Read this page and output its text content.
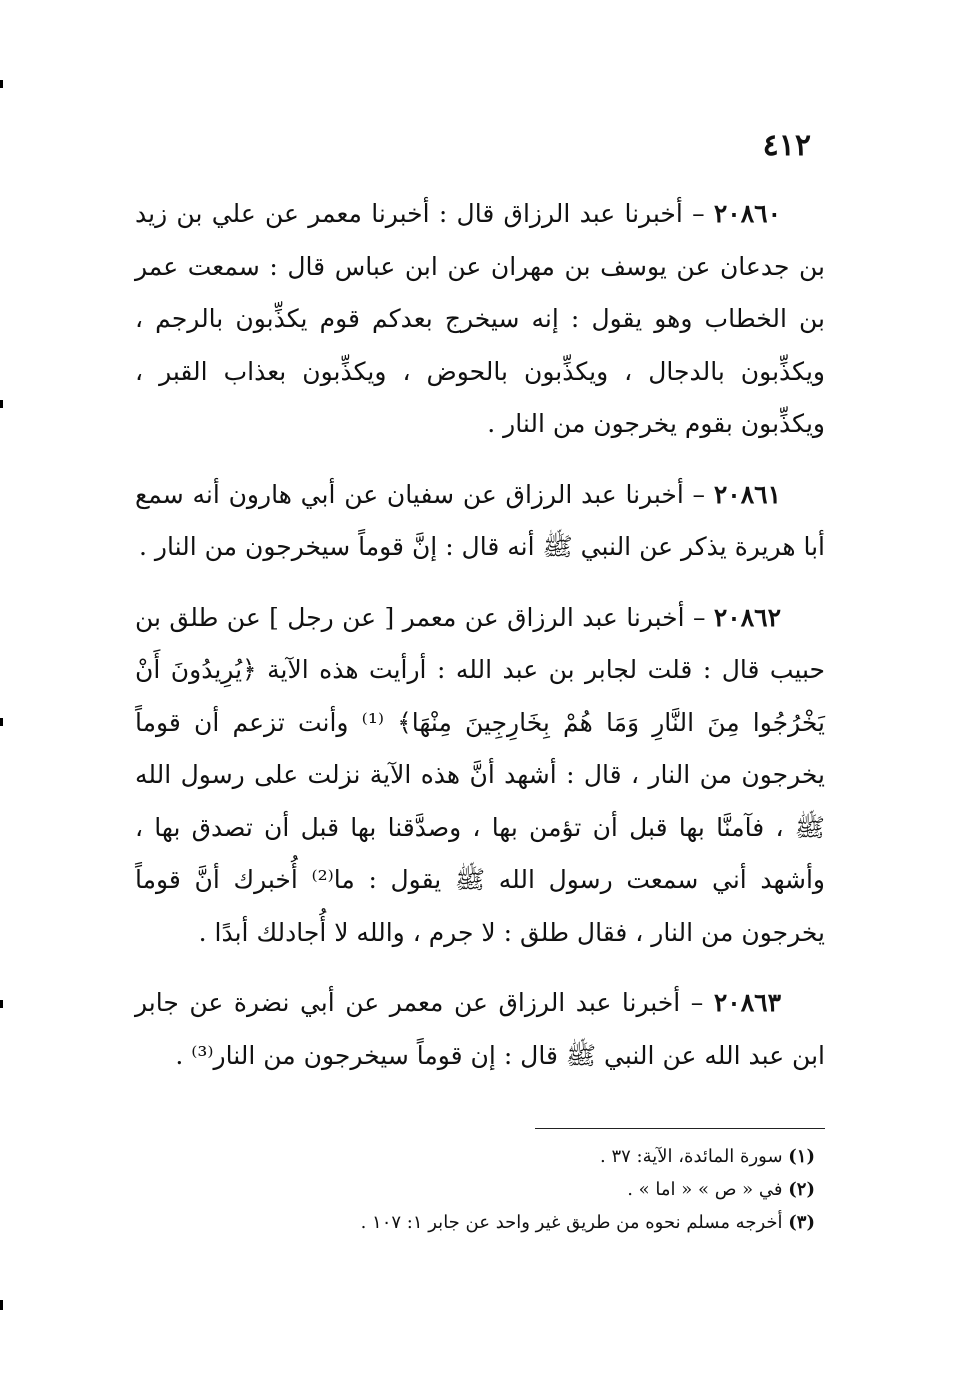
٤١٢

٢٠٨٦٠ – أخبرنا عبد الرزاق قال : أخبرنا معمر عن علي بن زيد بن جدعان عن يوسف بن مهران عن ابن عباس قال : سمعت عمر بن الخطاب وهو يقول : إنه سيخرج بعدكم قوم يكذِّبون بالرجم ، ويكذِّبون بالدجال ، ويكذِّبون بالحوض ، ويكذِّبون بعذاب القبر ، ويكذِّبون بقوم يخرجون من النار .

٢٠٨٦١ – أخبرنا عبد الرزاق عن سفيان عن أبي هارون أنه سمع أبا هريرة يذكر عن النبي ﷺ أنه قال : إنَّ قوماً سيخرجون من النار .

٢٠٨٦٢ – أخبرنا عبد الرزاق عن معمر [ عن رجل ] عن طلق بن حبيب قال : قلت لجابر بن عبد الله : أرأيت هذه الآية ﴿يُرِيدُونَ أَنْ يَخْرُجُوا مِنَ النَّارِ وَمَا هُمْ بِخَارِجِينَ مِنْهَا﴾ ⁽¹⁾ وأنت تزعم أن قوماً يخرجون من النار ، قال : أشهد أنَّ هذه الآية نزلت على رسول الله ﷺ ، فآمنَّا بها قبل أن تؤمن بها ، وصدَّقنا بها قبل أن تصدق بها ، وأشهد أني سمعت رسول الله ﷺ يقول : ما⁽²⁾ أُخبرك أنَّ قوماً يخرجون من النار ، فقال طلق : لا جرم ، والله لا أُجادلك أبدًا .

٢٠٨٦٣ – أخبرنا عبد الرزاق عن معمر عن أبي نضرة عن جابر ابن عبد الله عن النبي ﷺ قال : إن قوماً سيخرجون من النار⁽³⁾ .

(١) سورة المائدة، الآية: ٣٧ .

(٢) في « ص » « اما » .

(٣) أخرجه مسلم نحوه من طريق غير واحد عن جابر ١: ١٠٧ .
